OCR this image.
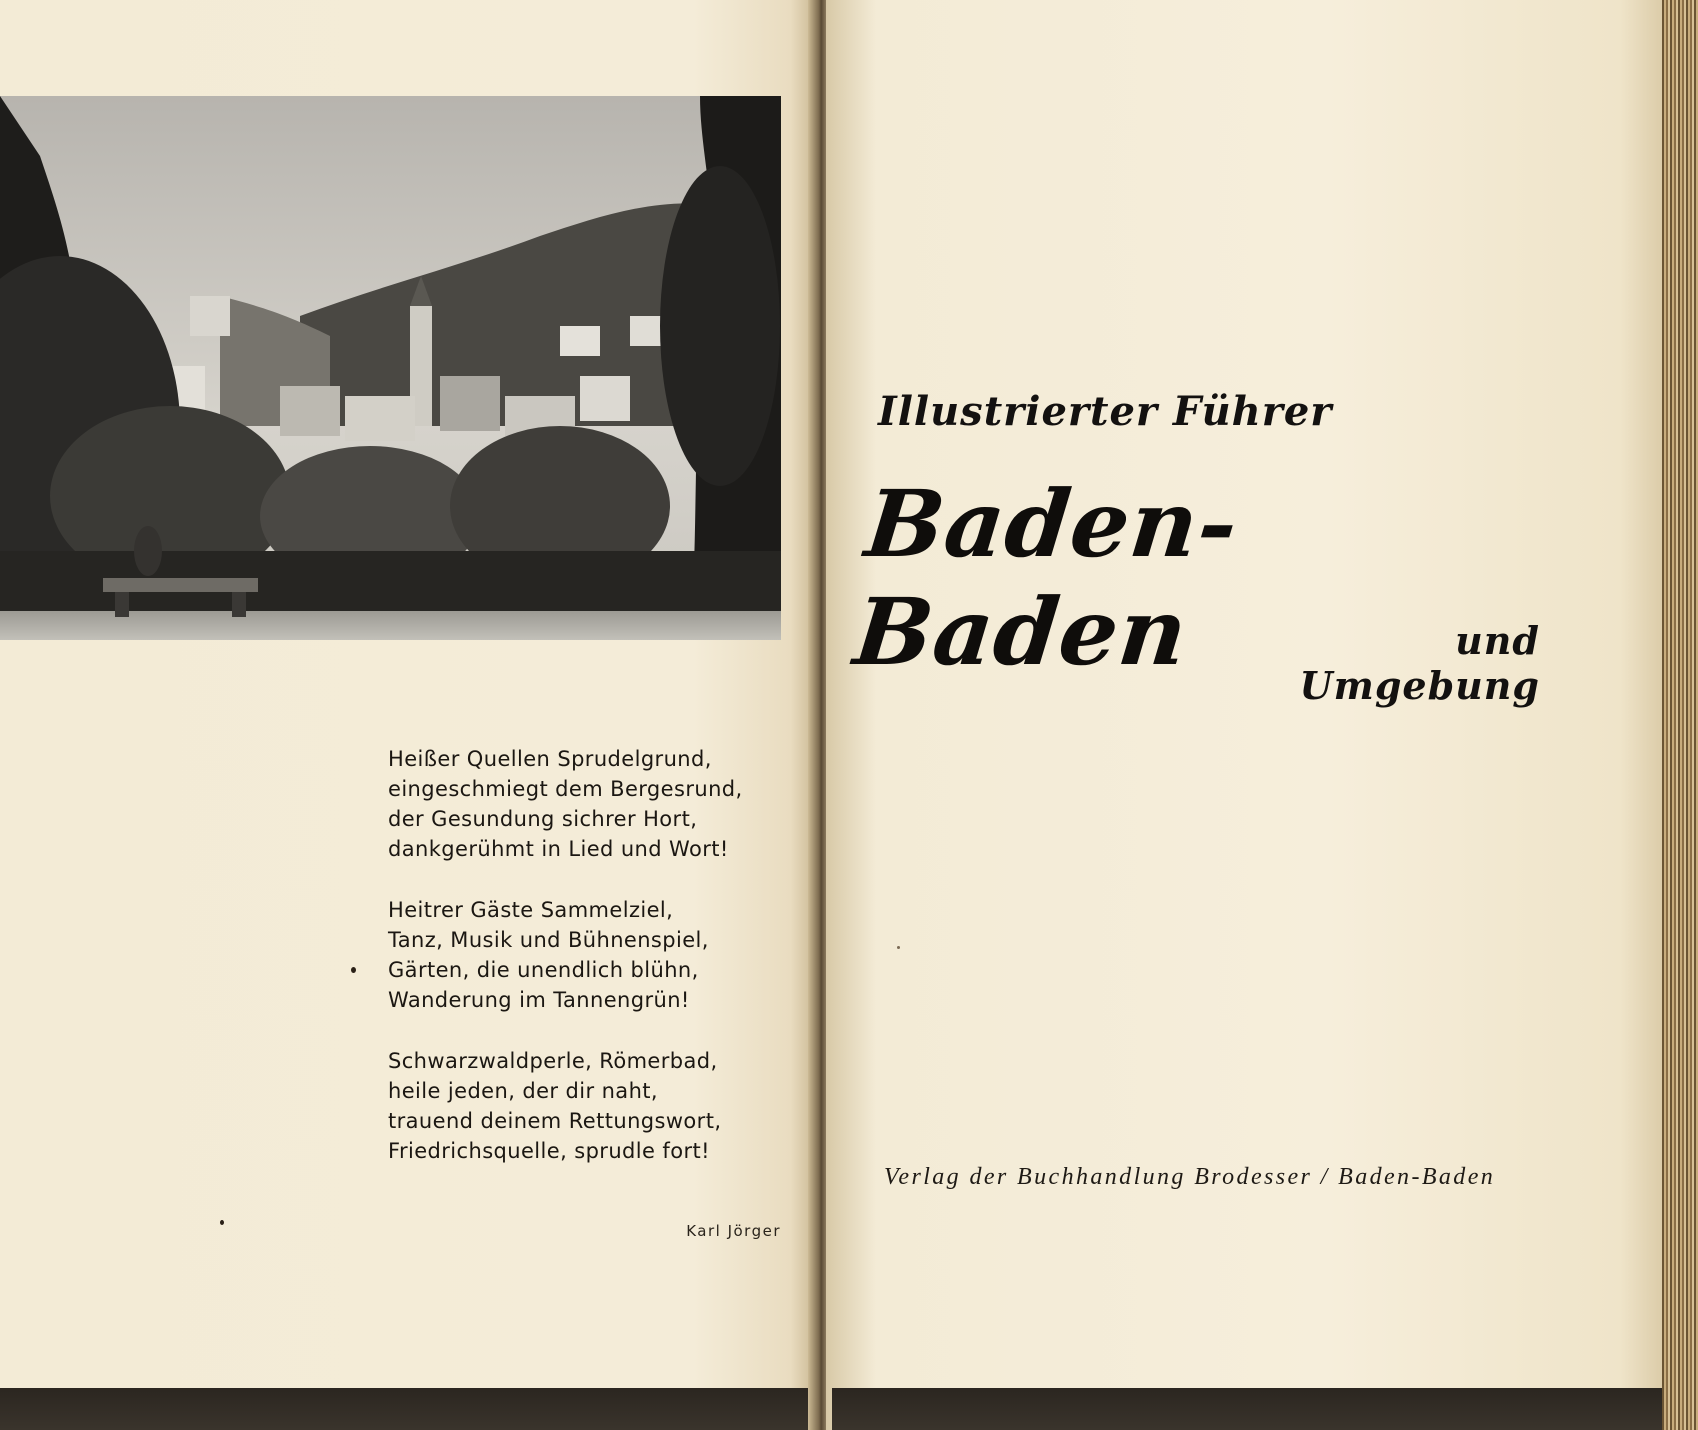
Heißer Quellen Sprudelgrund,
eingeschmiegt dem Bergesrund,
der Gesundung sichrer Hort,
dankgerühmt in Lied und Wort!
Heitrer Gäste Sammelziel,
Tanz, Musik und Bühnenspiel,
Gärten, die unendlich blühn,
Wanderung im Tannengrün!
Schwarzwaldperle, Römerbad,
heile jeden, der dir naht,
trauend deinem Rettungswort,
Friedrichsquelle, sprudle fort!
Karl Jörger
Illustrierter Führer
Baden-Baden	und Umgebung
Verlag der Buchhandlung Brodesser / Baden-Baden
